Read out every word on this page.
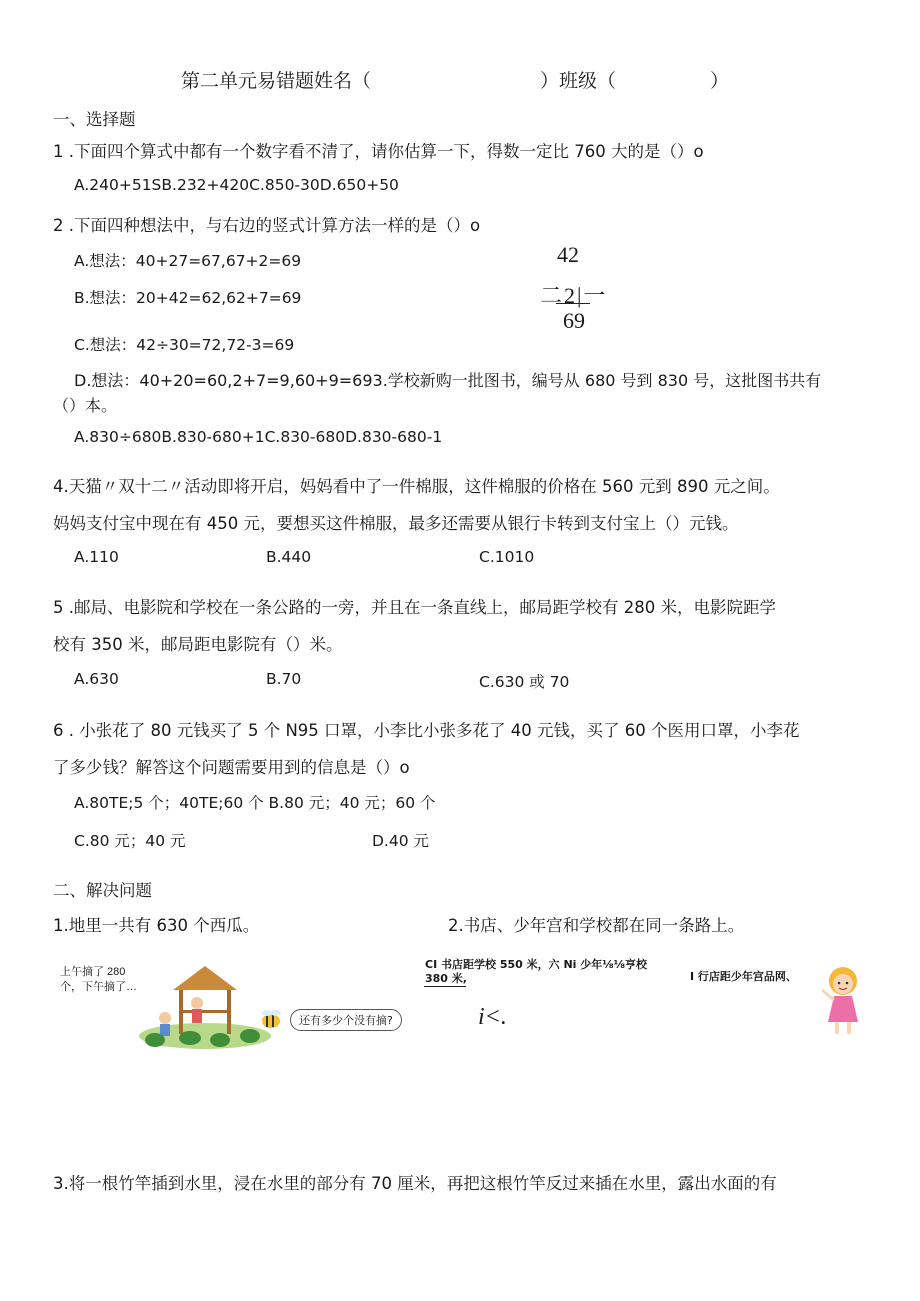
第二单元易错题姓名（	）班级（	）
一、选择题
1 .下面四个算式中都有一个数字看不清了，请你估算一下，得数一定比 760 大的是（）o
A.240+51SB.232+420C.850-30D.650+50
2 .下面四种想法中，与右边的竖式计算方法一样的是（）o
A.想法：40+27=67,67+2=69
B.想法：20+42=62,62+7=69
C.想法：42÷30=72,72-3=69
42
二2|一
69
D.想法：40+20=60,2+7=9,60+9=693.学校新购一批图书，编号从 680 号到 830 号，这批图书共有
（）本。
A.830÷680B.830-680+1C.830-680D.830-680-1
4.天猫〃双十二〃活动即将开启，妈妈看中了一件棉服，这件棉服的价格在 560 元到 890 元之间。
妈妈支付宝中现在有 450 元，要想买这件棉服，最多还需要从银行卡转到支付宝上（）元钱。
A.110	B.440	C.1010
5 .邮局、电影院和学校在一条公路的一旁，并且在一条直线上，邮局距学校有 280 米，电影院距学
校有 350 米，邮局距电影院有（）米。
A.630	B.70	C.630 或 70
6 . 小张花了 80 元钱买了 5 个 N95 口罩，小李比小张多花了 40 元钱，买了 60 个医用口罩，小李花
了多少钱？解答这个问题需要用到的信息是（）o
A.80TE;5 个；40TE;60 个 B.80 元；40 元；60 个
C.80 元；40 元	D.40 元
二、解决问题
1.地里一共有 630 个西瓜。	2.书店、少年宫和学校都在同一条路上。
上午摘了 280
个，下午摘了…
还有多少个没有摘?
CI 书店距学校 550 米，六 Ni 少年⅛⅛亨校
380 米,	I 行店距少年宫品网、
i<.
3.将一根竹竿插到水里，浸在水里的部分有 70 厘米，再把这根竹竿反过来插在水里，露出水面的有
